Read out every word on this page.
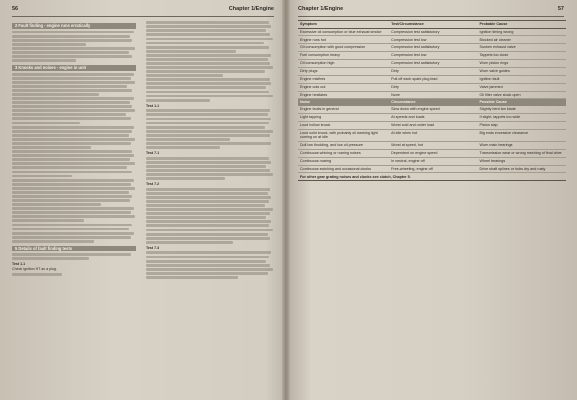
56	Chapter 1/Engine
2 Fault finding - engine runs erratically
3 Knocks and noises - engine in unit
5 Details of fault finding tests
Test 1.1
Check ignition HT as a plug.
Test 1.1
Test 7.1
Test 7.2
Test 7.3
Chapter 1/Engine	57
Symptom	Test/Circumstance	Probable Cause
Excessive oil consumption or blue exhaust smoke	Compression test satisfactory	Ignition timing wrong
Engine runs hot	Compression test low	Blocked air cleaner
Oil consumption with good compression	Compression test satisfactory	Sunken exhaust valve
Fuel consumption heavy	Compression test low	Tappets too close
Oil consumption high	Compression test satisfactory	Worn piston rings
Dirty plugs	Dirty	Worn valve guides
Engine misfires	Pull off each spark plug lead	Ignition fault
Engine cuts out	Dirty	Valve jammed
Engine hesitates	None	Oil filter valve stuck open
Noise	Circumstance	Possible Cause
Engine faults in general	Slow down with engine speed	Slightly bent fan blade
Light tapping	At speeds and loads	If slight, tappets too wide
Loud hollow knock	Worst cold and under load	Piston slap
Loud solid knock, with probably oil warning light coming on at idle	At idle when hot	Big ends excessive clearance
Dull low thudding, and low oil pressure	Worst at speed, hot	Worn main bearings
Continuous whining or roaring noises	Dependent on engine speed	Transmission wear or wrong meshing of final drive
Continuous roaring	In neutral, engine off	Wheel bearings
Continuous swishing and occasional clunks	Free-wheeling, engine off	Drive shaft splines or hubs dry and rusty
For other gear grating noises and clunks see clutch, Chapter 5.		
